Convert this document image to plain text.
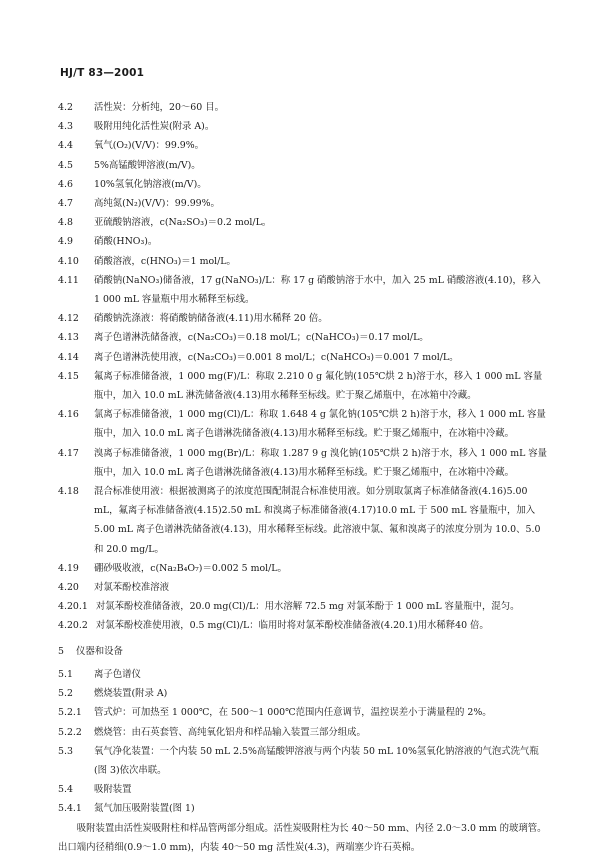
HJ/T 83—2001
4.2 活性炭：分析纯，20～60 目。
4.3 吸附用纯化活性炭(附录 A)。
4.4 氧气(O₂)(V/V)：99.9%。
4.5 5%高锰酸钾溶液(m/V)。
4.6 10%氢氧化钠溶液(m/V)。
4.7 高纯氮(N₂)(V/V)：99.99%。
4.8 亚硫酸钠溶液，c(Na₂SO₃)＝0.2 mol/L。
4.9 硝酸(HNO₃)。
4.10 硝酸溶液，c(HNO₃)＝1 mol/L。
4.11 硝酸钠(NaNO₃)储备液，17 g(NaNO₃)/L：称 17 g 硝酸钠溶于水中，加入 25 mL 硝酸溶液(4.10)，移入 1 000 mL 容量瓶中用水稀释至标线。
4.12 硝酸钠洗涤液：将硝酸钠储备液(4.11)用水稀释 20 倍。
4.13 离子色谱淋洗储备液，c(Na₂CO₃)＝0.18 mol/L；c(NaHCO₃)＝0.17 mol/L。
4.14 离子色谱淋洗使用液，c(Na₂CO₃)＝0.001 8 mol/L；c(NaHCO₃)＝0.001 7 mol/L。
4.15 氟离子标准储备液，1 000 mg(F)/L：称取 2.210 0 g 氟化钠(105℃烘 2 h)溶于水，移入 1 000 mL 容量瓶中，加入 10.0 mL 淋洗储备液(4.13)用水稀释至标线。贮于聚乙烯瓶中，在冰箱中冷藏。
4.16 氯离子标准储备液，1 000 mg(Cl)/L：称取 1.648 4 g 氯化钠(105℃烘 2 h)溶于水，移入 1 000 mL 容量瓶中，加入 10.0 mL 离子色谱淋洗储备液(4.13)用水稀释至标线。贮于聚乙烯瓶中，在冰箱中冷藏。
4.17 溴离子标准储备液，1 000 mg(Br)/L：称取 1.287 9 g 溴化钠(105℃烘 2 h)溶于水，移入 1 000 mL 容量瓶中，加入 10.0 mL 离子色谱淋洗储备液(4.13)用水稀释至标线。贮于聚乙烯瓶中，在冰箱中冷藏。
4.18 混合标准使用液：根据被测离子的浓度范围配制混合标准使用液。如分别取氯离子标准储备液(4.16)5.00 mL，氟离子标准储备液(4.15)2.50 mL 和溴离子标准储备液(4.17)10.0 mL 于 500 mL 容量瓶中，加入 5.00 mL 离子色谱淋洗储备液(4.13)，用水稀释至标线。此溶液中氯、氟和溴离子的浓度分别为 10.0、5.0 和 20.0 mg/L。
4.19 硼砂吸收液，c(Na₂B₄O₇)＝0.002 5 mol/L。
4.20 对氯苯酚校准溶液
4.20.1 对氯苯酚校准储备液，20.0 mg(Cl)/L：用水溶解 72.5 mg 对氯苯酚于 1 000 mL 容量瓶中，混匀。
4.20.2 对氯苯酚校准使用液，0.5 mg(Cl)/L：临用时将对氯苯酚校准储备液(4.20.1)用水稀释40 倍。
5 仪器和设备
5.1 离子色谱仪
5.2 燃烧装置(附录 A)
5.2.1 管式炉：可加热至 1 000℃，在 500～1 000℃范围内任意调节，温控误差小于满量程的 2%。
5.2.2 燃烧管：由石英套管、高纯氧化铝舟和样品输入装置三部分组成。
5.3 氧气净化装置：一个内装 50 mL 2.5%高锰酸钾溶液与两个内装 50 mL 10%氢氧化钠溶液的气泡式洗气瓶(图 3)依次串联。
5.4 吸附装置
5.4.1 氮气加压吸附装置(图 1)
吸附装置由活性炭吸附柱和样品管两部分组成。活性炭吸附柱为长 40～50 mm、内径 2.0～3.0 mm 的玻璃管。出口端内径稍细(0.9～1.0 mm)，内装 40～50 mg 活性炭(4.3)，两端塞少许石英棉。
